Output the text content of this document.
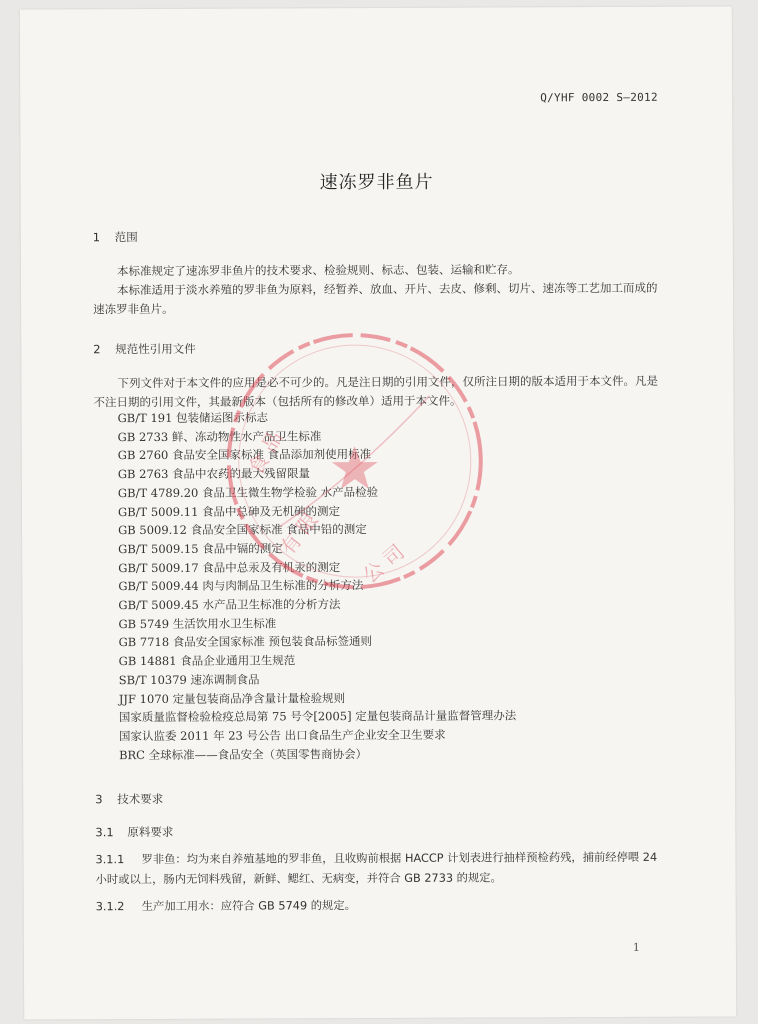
Q/YHF 0002 S—2012
速冻罗非鱼片
1 范围
本标准规定了速冻罗非鱼片的技术要求、检验规则、标志、包装、运输和贮存。
本标准适用于淡水养殖的罗非鱼为原料，经暂养、放血、开片、去皮、修剩、切片、速冻等工艺加工而成的速冻罗非鱼片。
2 规范性引用文件
下列文件对于本文件的应用是必不可少的。凡是注日期的引用文件，仅所注日期的版本适用于本文件。凡是不注日期的引用文件，其最新版本（包括所有的修改单）适用于本文件。
GB/T 191 包装储运图示标志
GB 2733 鲜、冻动物性水产品卫生标准
GB 2760 食品安全国家标准 食品添加剂使用标准
GB 2763 食品中农药的最大残留限量
GB/T 4789.20 食品卫生微生物学检验 水产品检验
GB/T 5009.11 食品中总砷及无机砷的测定
GB 5009.12 食品安全国家标准 食品中铅的测定
GB/T 5009.15 食品中镉的测定
GB/T 5009.17 食品中总汞及有机汞的测定
GB/T 5009.44 肉与肉制品卫生标准的分析方法
GB/T 5009.45 水产品卫生标准的分析方法
GB 5749 生活饮用水卫生标准
GB 7718 食品安全国家标准 预包装食品标签通则
GB 14881 食品企业通用卫生规范
SB/T 10379 速冻调制食品
JJF 1070 定量包装商品净含量计量检验规则
国家质量监督检验检疫总局第 75 号令[2005] 定量包装商品计量监督管理办法
国家认监委 2011 年 23 号公告 出口食品生产企业安全卫生要求
BRC 全球标准——食品安全（英国零售商协会）
3 技术要求
3.1 原料要求
3.1.1 罗非鱼：均为来自养殖基地的罗非鱼，且收购前根据 HACCP 计划表进行抽样预检药残，捕前经停喂 24 小时或以上，肠内无饲料残留，新鲜、鳃红、无病变，并符合 GB 2733 的规定。
3.1.2 生产加工用水：应符合 GB 5749 的规定。
1
有 限
公 司
食 品
